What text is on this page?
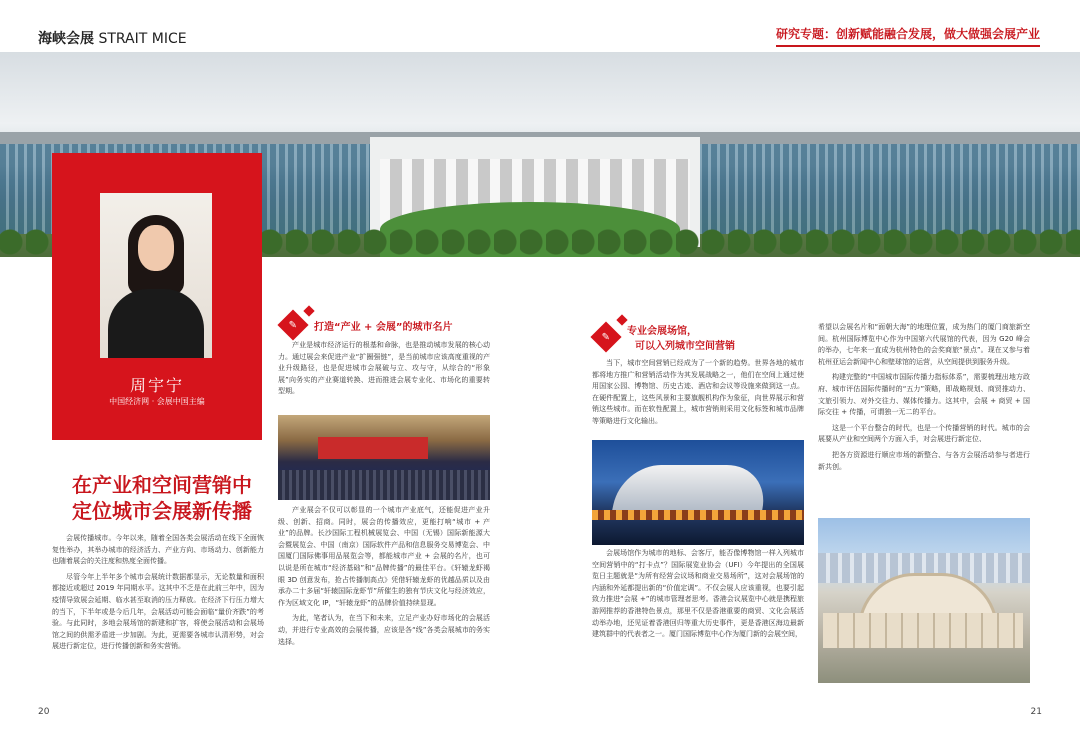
海峡会展 STRAIT MICE	研究专题：创新赋能融合发展，做大做强会展产业
周宇宁
中国经济网 · 会展中国主编
在产业和空间营销中
定位城市会展新传播

会展传播城市。今年以来，随着全国各类会展活动在线下全面恢复性举办，其举办城市的经济活力、产业方向、市场动力、创新能力也随着展会的关注度和热度全面传播。

尽管今年上半年多个城市会展统计数据都显示，无论数量和面积都接近或超过 2019 年同期水平。这其中不乏是在此前三年中，因为疫情导致展会延期、临水甚至取消的压力释放。在经济下行压力增大的当下，下半年或是今后几年，会展活动可能会面临“量价齐跌”的考验。与此同时，多地会展场馆的新建和扩容，将使会展活动和会展场馆之间的供需矛盾进一步加剧。为此，更需要各城市认清形势，对会展进行新定位，进行传播创新和务实营销。

✎ 打造“产业 + 会展”的城市名片

产业是城市经济运行的根基和命脉，也是推动城市发展的核心动力。通过展会来促进产业“扩圈强链”，是当前城市应该高度重视的产业升级路径，也是促进城市会展破与立、攻与守，从综合的“形象展”向务实的产业赛道转换、进而推进会展专业化、市场化的重要转型期。

产业展会不仅可以彰显的一个城市产业底气，还能促进产业升级、创新、招商。同时，展会的传播效应，更能打响“城市 + 产业”的品牌。长沙国际工程机械展览会、中国（无锡）国际新能源大会暨展览会、中国（南京）国际软件产品和信息服务交易博览会、中国厦门国际佛事用品展览会等，都能城市产业 + 会展的名片，也可以说是所在城市“经济基础”和“品牌传播”的最佳平台。《轩辕龙虾褐眼 3D 创意发布，抢占传播制高点》凭借轩辕龙虾的优越品质以及由承办二十多届“轩辕国际龙虾节”所催生的独有节庆文化与经济效应，作为区域文化 IP，“轩辕龙虾”的品牌价值持续显现。

为此，笔者认为，在当下和未来，立足产业办好市场化的会展活动，并进行专业高效的会展传播，应该是各“线”各类会展城市的务实选择。

✎ 专业会展场馆，
可以入列城市空间营销

当下，城市空间营销已经成为了一个新的趋势。世界各地的城市都将地方推广和营销活动作为其发展战略之一，他们在空间上通过使用国家公园、博物馆、历史古迹、酒店和会议等设施来做到这一点。在硬件配置上，这些风景和主要旗舰机构作为象征，向世界展示和营销这些城市。而在软性配置上，城市营销则采用文化标签和城市品牌等策略进行文化输出。

会展场馆作为城市的地标、会客厅，能否像博物馆一样入列城市空间营销中的“打卡点”？国际展览业协会（UFI）今年提出的全国展览日主题就是“为所有经营会议场和商业交易场所”，这对会展场馆的内涵和外延都提出新的“价值定调”。不仅会展人应该重视，也要引起致力推进“会展 +”的城市管理者思考。香港会议展览中心就是携程旅游网推荐的香港特色景点，那里不仅是香港重要的商贸、文化会展活动举办地，还见证着香港回归等重大历史事件，更是香港区海边最新建筑群中的代表者之一。厦门国际博览中心作为厦门新的会展空间，

希望以会展名片和“面朝大海”的地理位置，成为热门的厦门商旅新空间。杭州国际博览中心作为中国第六代展馆的代表，因为 G20 峰会的举办，七年来一直成为杭州特色的会奖商旅“景点”。现在又参与着杭州亚运会新闻中心和壁球馆的运营，从空间提供到服务升级。

构建完整的“中国城市国际传播力指标体系”，需要梳理出地方政府、城市评估国际传播时的“五力”策略，即战略规划、商贸推动力、文旅引领力、对外交往力、媒体传播力。这其中，会展 + 商贸 + 国际交往 + 传播，可谓独一无二的平台。

这是一个平台整合的时代，也是一个传播营销的时代。城市的会展要从产业和空间两个方面入手，对会展进行新定位、

把各方资源进行顺应市场的新整合、与各方会展活动参与者进行新共创。

20	21
